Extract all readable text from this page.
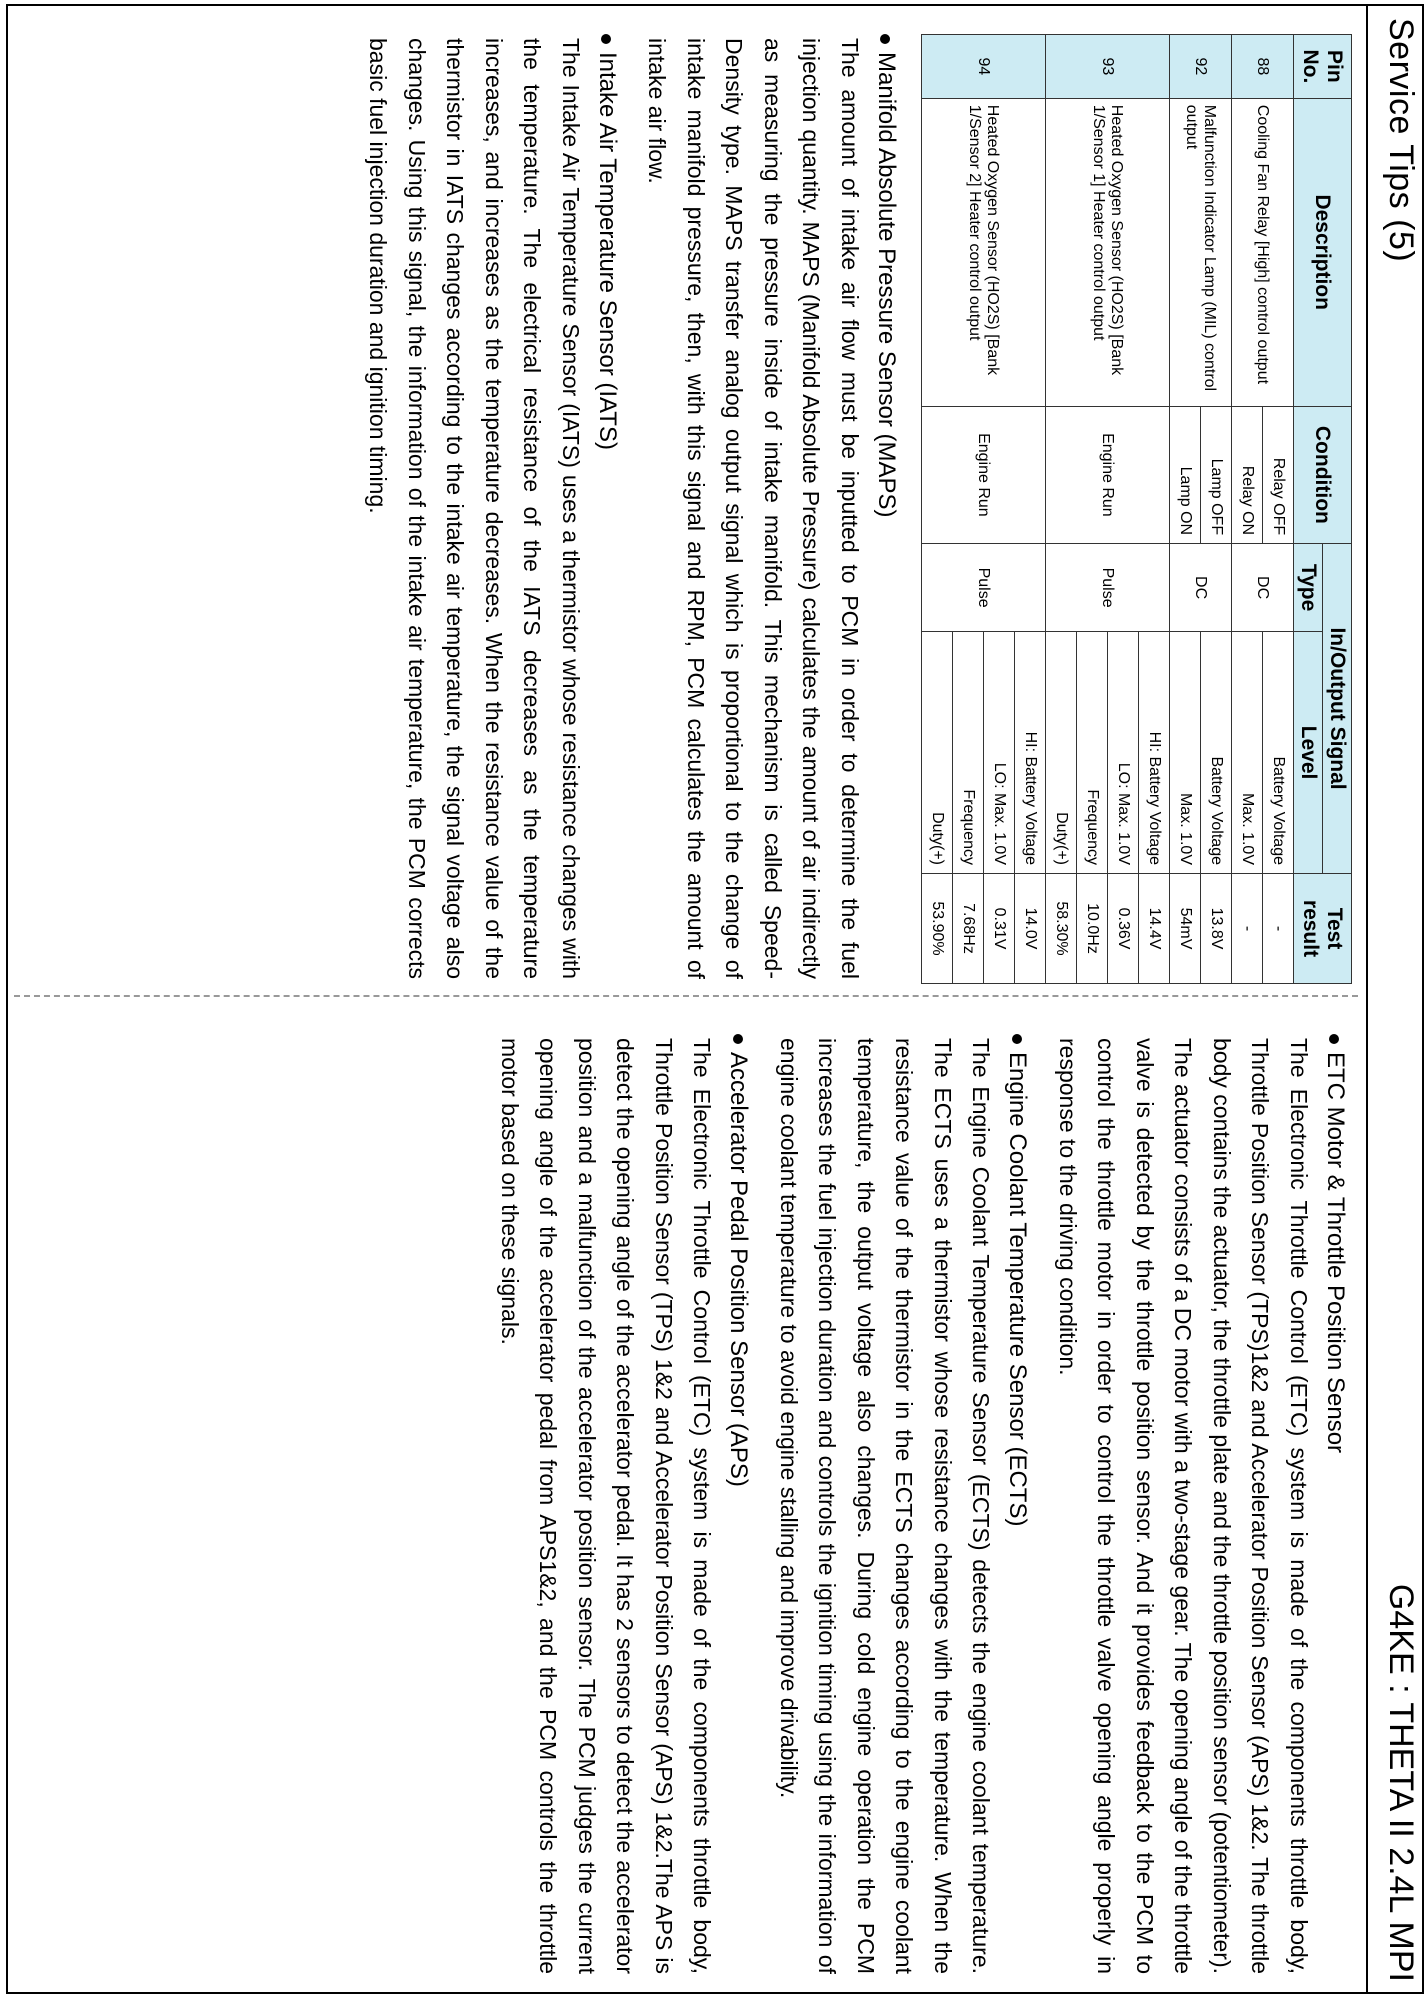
Service Tips (5)
G4KE : THETA II 2.4L MPI
Pin No.	Description	Condition	In/Output Signal		Test result
			Type	Level	
88	Cooling Fan Relay [High] control output	Relay OFF	DC	Battery Voltage	-
		Relay ON		Max. 1.0V	-
92	Malfunction Indicator Lamp (MIL) control output	Lamp OFF	DC	Battery Voltage	13.8V
		Lamp ON		Max. 1.0V	54mV
93	Heated Oxygen Sensor (HO2S) [Bank 1/Sensor 1] Heater control output	Engine Run	Pulse	HI: Battery Voltage	14.4V
				LO: Max. 1.0V	0.36V
				Frequency	10.0Hz
				Duty(+)	58.30%
94	Heated Oxygen Sensor (HO2S) [Bank 1/Sensor 2] Heater control output	Engine Run	Pulse	HI: Battery Voltage	14.0V
				LO: Max. 1.0V	0.31V
				Frequency	7.68Hz
				Duty(+)	53.90%
Manifold Absolute Pressure Sensor (MAPS)
The amount of intake air flow must be inputted to PCM in order to determine the fuel injection quantity. MAPS (Manifold Absolute Pressure) calculates the amount of air indirectly as measuring the pressure inside of intake manifold. This mechanism is called Speed-Density type. MAPS transfer analog output signal which is proportional to the change of intake manifold pressure, then, with this signal and RPM, PCM calculates the amount of intake air flow.
Intake Air Temperature Sensor (IATS)
The Intake Air Temperature Sensor (IATS) uses a thermistor whose resistance changes with the temperature. The electrical resistance of the IATS decreases as the temperature increases, and increases as the temperature decreases. When the resistance value of the thermistor in IATS changes according to the intake air temperature, the signal voltage also changes. Using this signal, the information of the intake air temperature, the PCM corrects basic fuel injection duration and ignition timing.
ETC Motor & Throttle Position Sensor
The Electronic Throttle Control (ETC) system is made of the components throttle body, Throttle Position Sensor (TPS)1&2 and Accelerator Position Sensor (APS) 1&2. The throttle body contains the actuator, the throttle plate and the throttle position sensor (potentiometer). The actuator consists of a DC motor with a two-stage gear. The opening angle of the throttle valve is detected by the throttle position sensor. And it provides feedback to the PCM to control the throttle motor in order to control the throttle valve opening angle properly in response to the driving condition.
Engine Coolant Temperature Sensor (ECTS)
The Engine Coolant Temperature Sensor (ECTS) detects the engine coolant temperature. The ECTS uses a thermistor whose resistance changes with the temperature. When the resistance value of the thermistor in the ECTS changes according to the engine coolant temperature, the output voltage also changes. During cold engine operation the PCM increases the fuel injection duration and controls the ignition timing using the information of engine coolant temperature to avoid engine stalling and improve drivability.
Accelerator Pedal Position Sensor (APS)
The Electronic Throttle Control (ETC) system is made of the components throttle body, Throttle Position Sensor (TPS) 1&2 and Accelerator Position Sensor (APS) 1&2.The APS is detect the opening angle of the accelerator pedal. It has 2 sensors to detect the accelerator position and a malfunction of the accelerator position sensor. The PCM judges the current opening angle of the accelerator pedal from APS1&2, and the PCM controls the throttle motor based on these signals.
